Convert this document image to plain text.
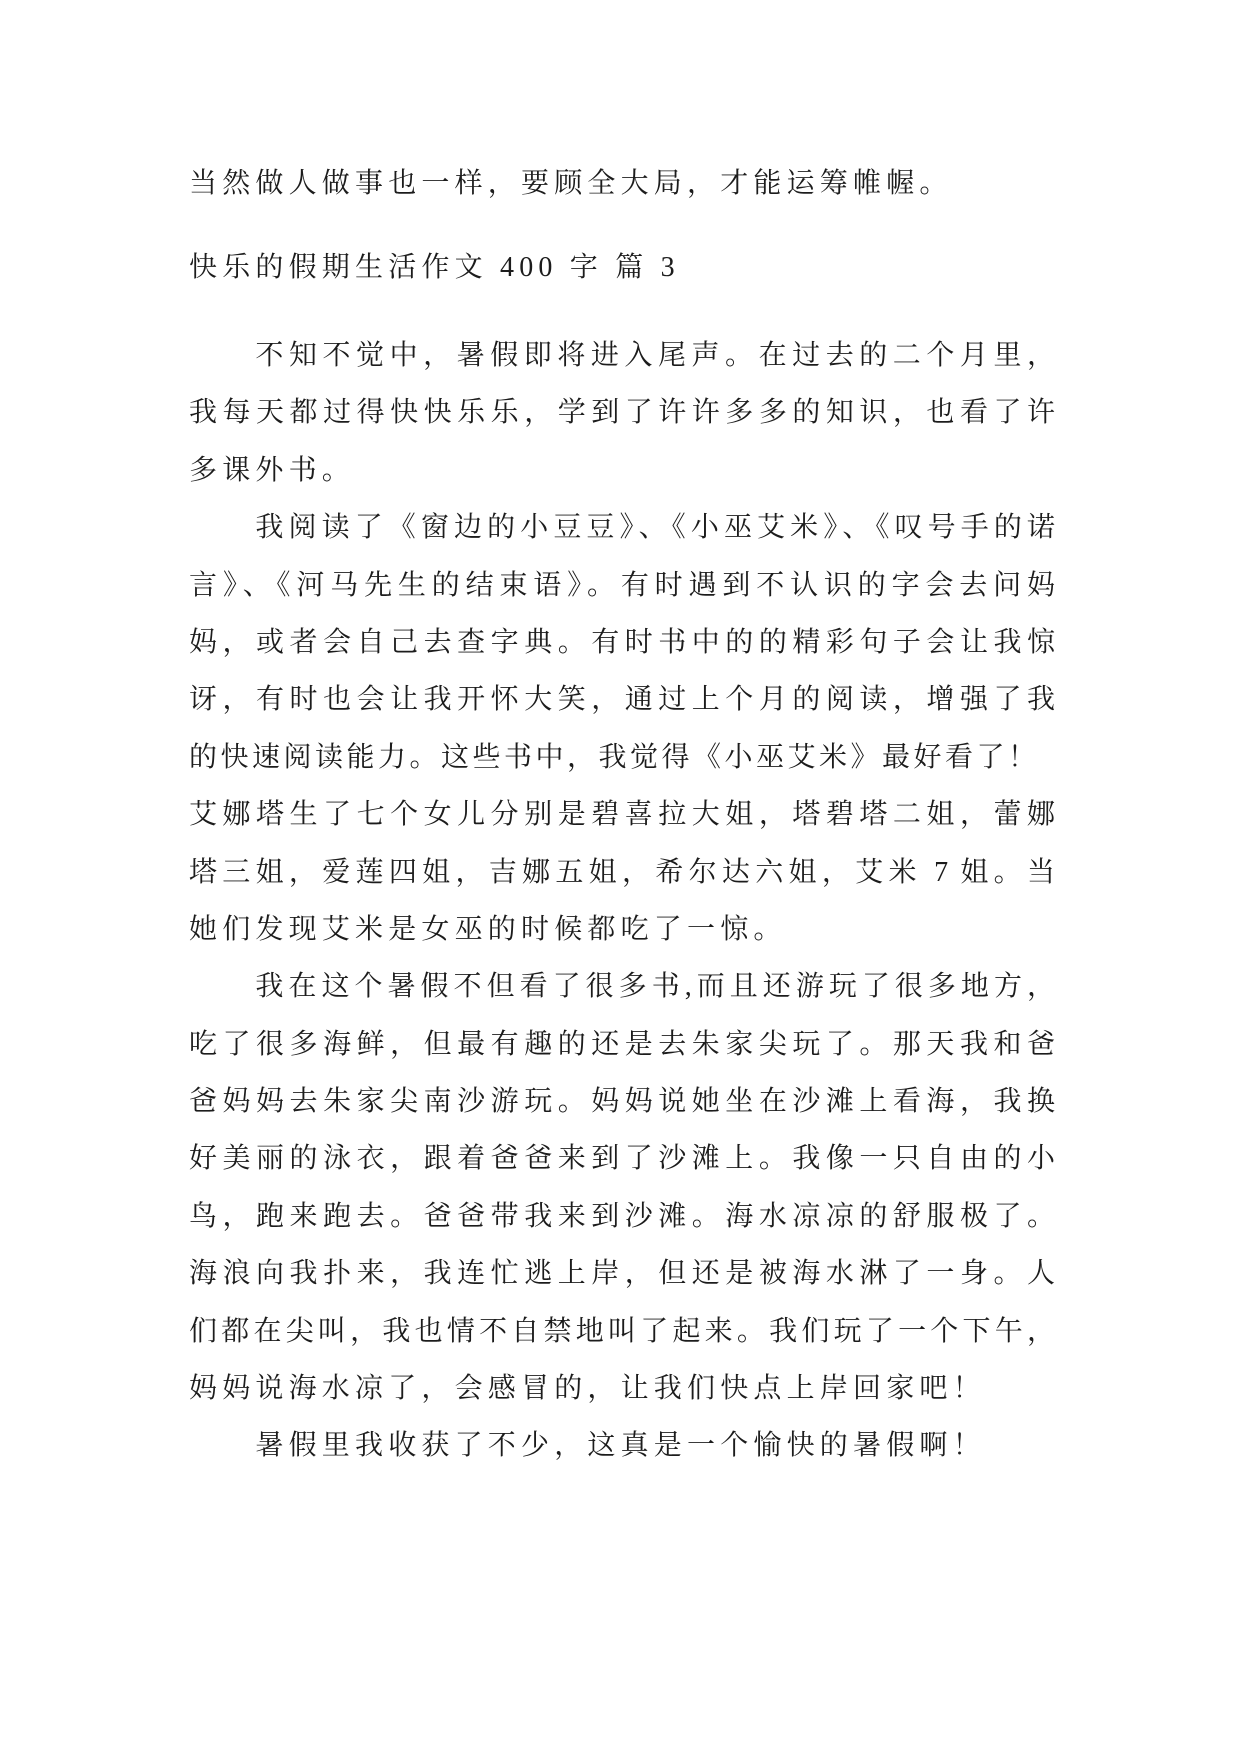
当然做人做事也一样，要顾全大局，才能运筹帷幄。
快乐的假期生活作文 400 字 篇 3
不知不觉中，暑假即将进入尾声。在过去的二个月里，
我每天都过得快快乐乐，学到了许许多多的知识，也看了许
多课外书。
我阅读了《窗边的小豆豆》、《小巫艾米》、《叹号手的诺
言》、《河马先生的结束语》。有时遇到不认识的字会去问妈
妈，或者会自己去查字典。有时书中的的精彩句子会让我惊
讶，有时也会让我开怀大笑，通过上个月的阅读，增强了我
的快速阅读能力。这些书中，我觉得《小巫艾米》最好看了！
艾娜塔生了七个女儿分别是碧喜拉大姐，塔碧塔二姐，蕾娜
塔三姐，爱莲四姐，吉娜五姐，希尔达六姐，艾米 7 姐。当
她们发现艾米是女巫的时候都吃了一惊。
我在这个暑假不但看了很多书,而且还游玩了很多地方，
吃了很多海鲜，但最有趣的还是去朱家尖玩了。那天我和爸
爸妈妈去朱家尖南沙游玩。妈妈说她坐在沙滩上看海，我换
好美丽的泳衣，跟着爸爸来到了沙滩上。我像一只自由的小
鸟，跑来跑去。爸爸带我来到沙滩。海水凉凉的舒服极了。
海浪向我扑来，我连忙逃上岸，但还是被海水淋了一身。人
们都在尖叫，我也情不自禁地叫了起来。我们玩了一个下午，
妈妈说海水凉了，会感冒的，让我们快点上岸回家吧！
暑假里我收获了不少，这真是一个愉快的暑假啊！
